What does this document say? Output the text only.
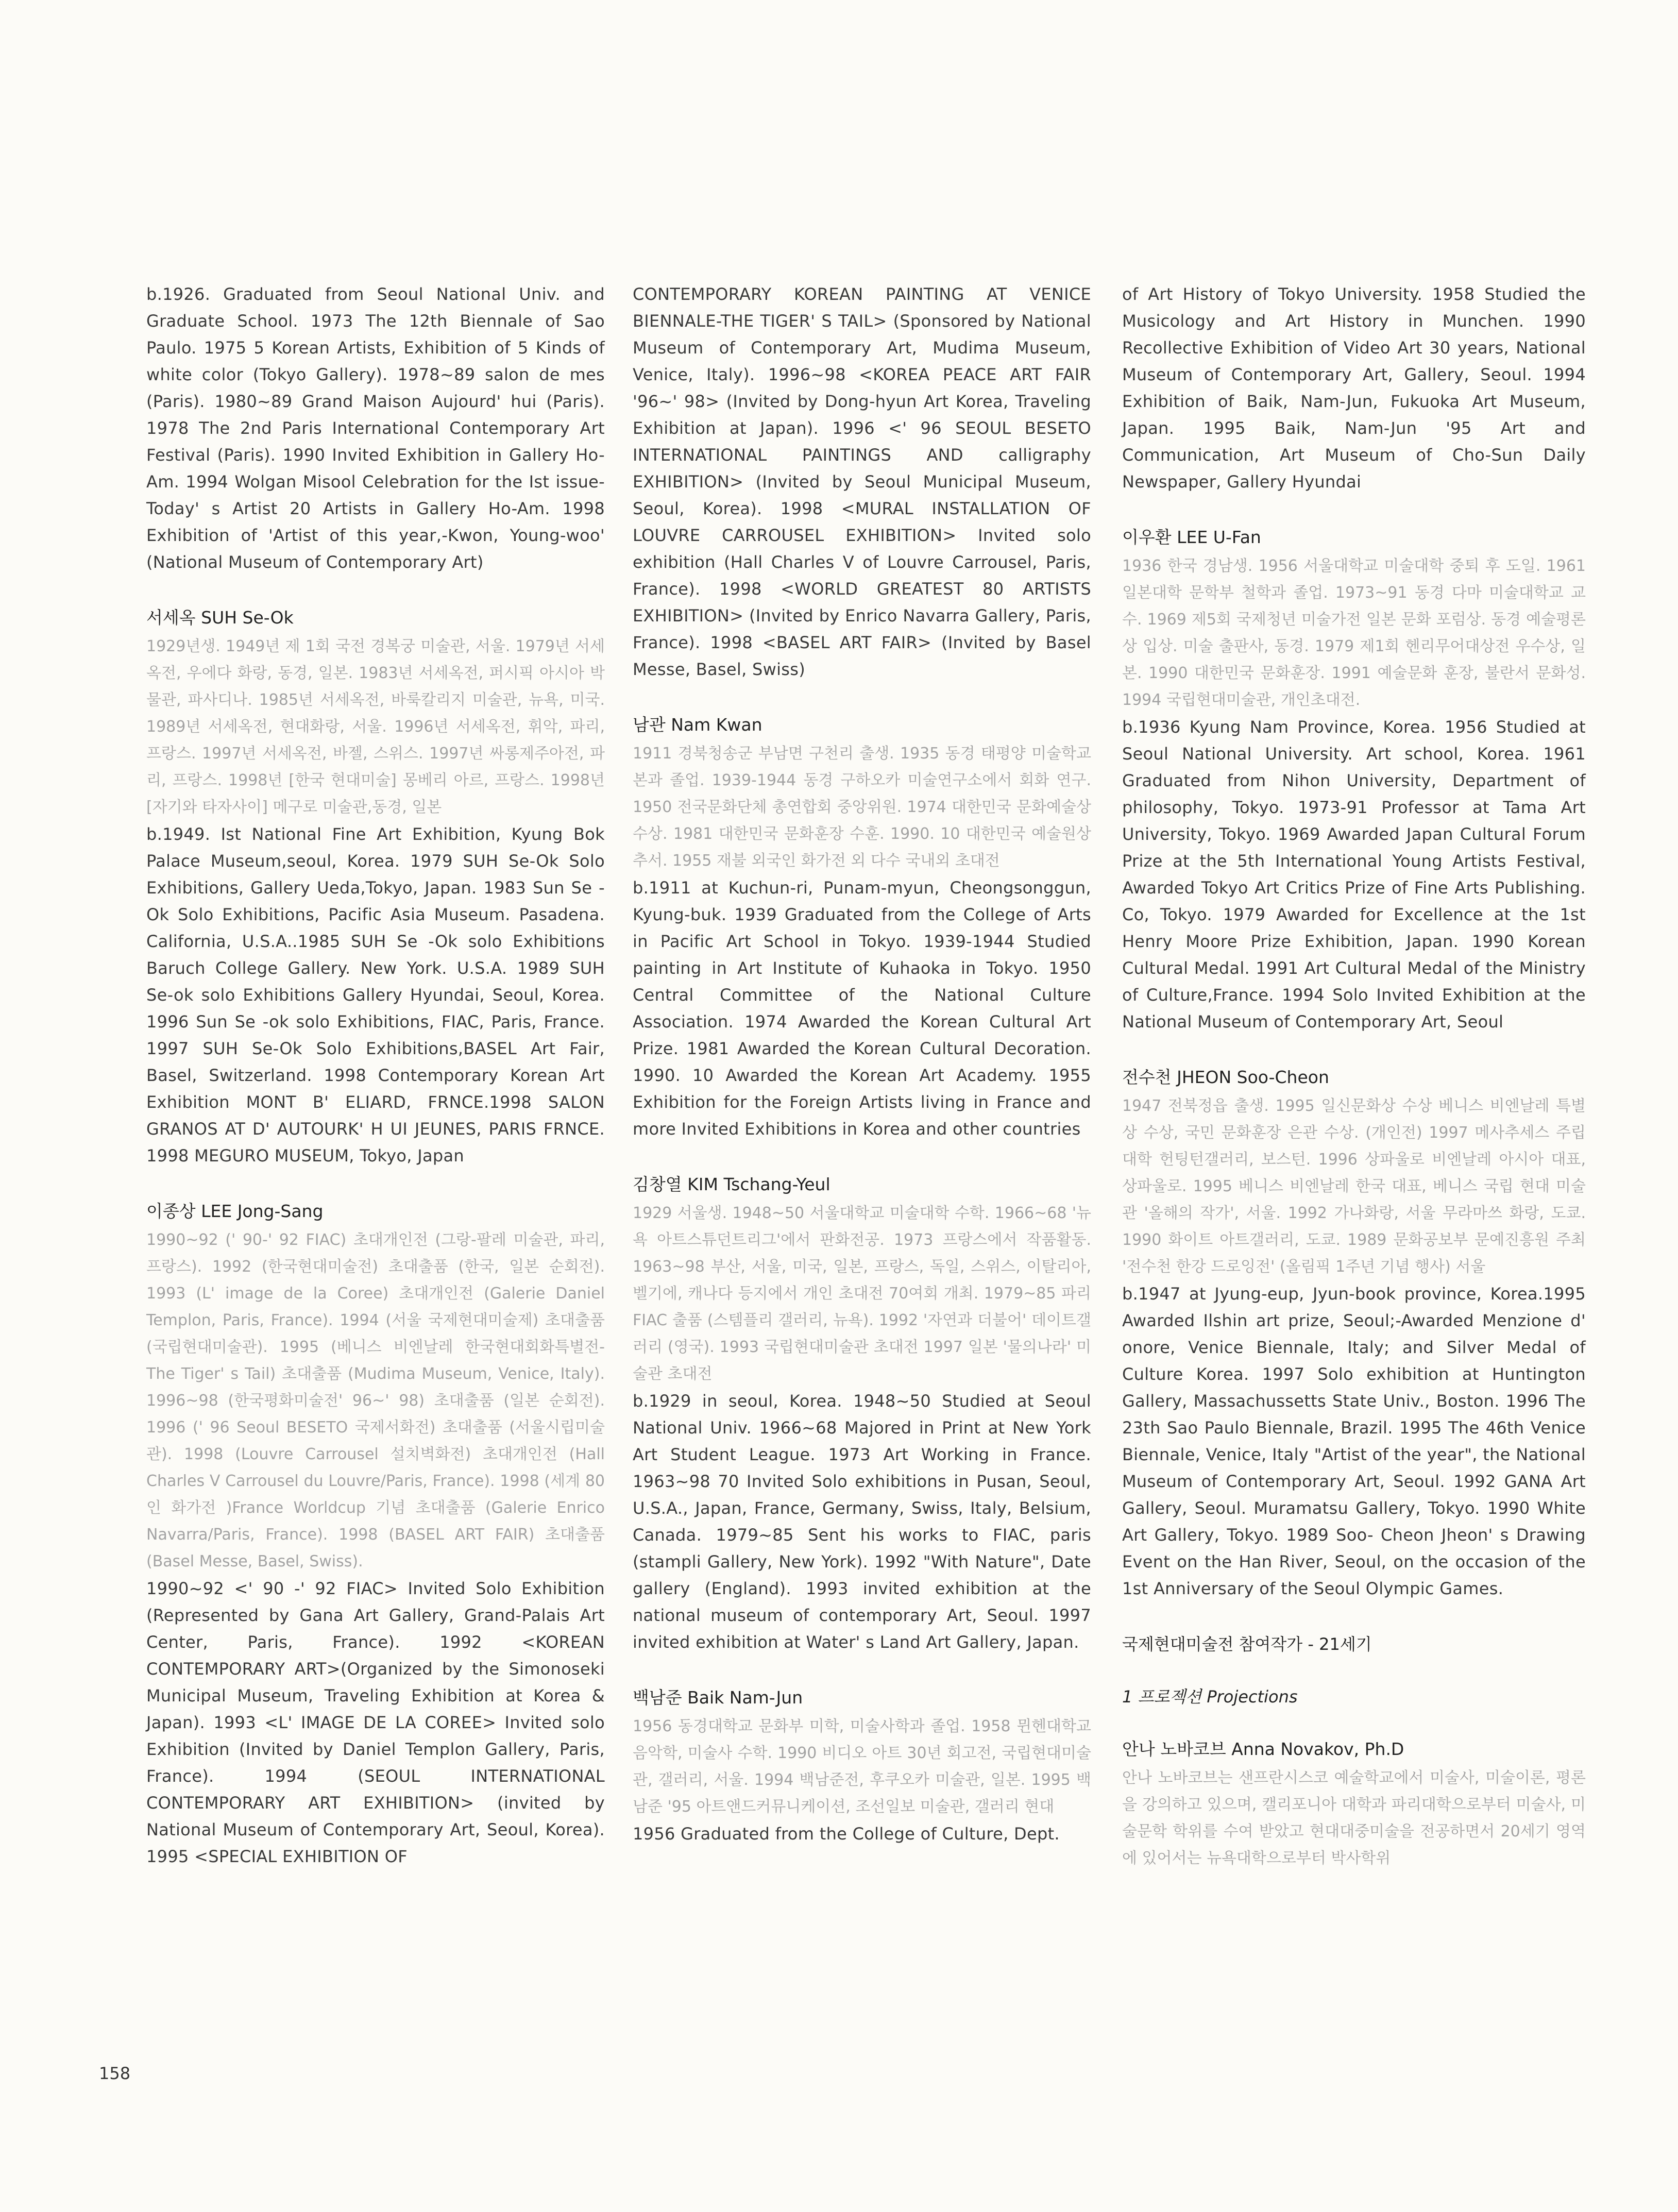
b.1926. Graduated from Seoul National Univ. and Graduate School. 1973 The 12th Biennale of Sao Paulo. 1975 5 Korean Artists, Exhibition of 5 Kinds of white color (Tokyo Gallery). 1978~89 salon de mes (Paris). 1980~89 Grand Maison Aujourd' hui (Paris). 1978 The 2nd Paris International Contemporary Art Festival (Paris). 1990 Invited Exhibition in Gallery Ho-Am. 1994 Wolgan Misool Celebration for the Ist issue-Today' s Artist 20 Artists in Gallery Ho-Am. 1998 Exhibition of 'Artist of this year,-Kwon, Young-woo' (National Museum of Contemporary Art)

서세옥 SUH Se-Ok

1929년생. 1949년 제 1회 국전 경복궁 미술관, 서울. 1979년 서세옥전, 우에다 화랑, 동경, 일본. 1983년 서세옥전, 퍼시픽 아시아 박물관, 파사디나. 1985년 서세옥전, 바룩칼리지 미술관, 뉴욕, 미국. 1989년 서세옥전, 현대화랑, 서울. 1996년 서세옥전, 휘악, 파리, 프랑스. 1997년 서세옥전, 바젤, 스위스. 1997년 싸롱제주아전, 파리, 프랑스. 1998년 [한국 현대미술] 몽베리 아르, 프랑스. 1998년 [자기와 타자사이] 메구로 미술관,동경, 일본

b.1949. Ist National Fine Art Exhibition, Kyung Bok Palace Museum,seoul, Korea. 1979 SUH Se-Ok Solo Exhibitions, Gallery Ueda,Tokyo, Japan. 1983 Sun Se -Ok Solo Exhibitions, Pacific Asia Museum. Pasadena. California, U.S.A..1985 SUH Se -Ok solo Exhibitions Baruch College Gallery. New York. U.S.A. 1989 SUH Se-ok solo Exhibitions Gallery Hyundai, Seoul, Korea. 1996 Sun Se -ok solo Exhibitions, FIAC, Paris, France. 1997 SUH Se-Ok Solo Exhibitions,BASEL Art Fair, Basel, Switzerland. 1998 Contemporary Korean Art Exhibition MONT B' ELIARD, FRNCE.1998 SALON GRANOS AT D' AUTOURK' H UI JEUNES, PARIS FRNCE. 1998 MEGURO MUSEUM, Tokyo, Japan

이종상 LEE Jong-Sang

1990~92 (' 90-' 92 FIAC) 초대개인전 (그랑-팔레 미술관, 파리, 프랑스). 1992 (한국현대미술전) 초대출품 (한국, 일본 순회전). 1993 (L' image de la Coree) 초대개인전 (Galerie Daniel Templon, Paris, France). 1994 (서울 국제현대미술제) 초대출품 (국립현대미술관). 1995 (베니스 비엔날레 한국현대회화특별전-The Tiger' s Tail) 초대출품 (Mudima Museum, Venice, Italy). 1996~98 (한국평화미술전' 96~' 98) 초대출품 (일본 순회전). 1996 (' 96 Seoul BESETO 국제서화전) 초대출품 (서울시립미술관). 1998 (Louvre Carrousel 설치벽화전) 초대개인전 (Hall Charles V Carrousel du Louvre/Paris, France). 1998 (세계 80인 화가전 )France Worldcup 기념 초대출품 (Galerie Enrico Navarra/Paris, France). 1998 (BASEL ART FAIR) 초대출품 (Basel Messe, Basel, Swiss).

1990~92 <' 90 -' 92 FIAC> Invited Solo Exhibition (Represented by Gana Art Gallery, Grand-Palais Art Center, Paris, France). 1992 <KOREAN CONTEMPORARY ART>(Organized by the Simonoseki Municipal Museum, Traveling Exhibition at Korea & Japan). 1993 <L' IMAGE DE LA COREE> Invited solo Exhibition (Invited by Daniel Templon Gallery, Paris, France). 1994 (SEOUL INTERNATIONAL CONTEMPORARY ART EXHIBITION> (invited by National Museum of Contemporary Art, Seoul, Korea). 1995 <SPECIAL EXHIBITION OF

CONTEMPORARY KOREAN PAINTING AT VENICE BIENNALE-THE TIGER' S TAIL> (Sponsored by National Museum of Contemporary Art, Mudima Museum, Venice, Italy). 1996~98 <KOREA PEACE ART FAIR '96~' 98> (Invited by Dong-hyun Art Korea, Traveling Exhibition at Japan). 1996 <' 96 SEOUL BESETO INTERNATIONAL PAINTINGS AND calligraphy EXHIBITION> (Invited by Seoul Municipal Museum, Seoul, Korea). 1998 <MURAL INSTALLATION OF LOUVRE CARROUSEL EXHIBITION> Invited solo exhibition (Hall Charles V of Louvre Carrousel, Paris, France). 1998 <WORLD GREATEST 80 ARTISTS EXHIBITION> (Invited by Enrico Navarra Gallery, Paris, France). 1998 <BASEL ART FAIR> (Invited by Basel Messe, Basel, Swiss)

남관 Nam Kwan

1911 경북청송군 부남면 구천리 출생. 1935 동경 태평양 미술학교 본과 졸업. 1939-1944 동경 구하오카 미술연구소에서 회화 연구. 1950 전국문화단체 총연합회 중앙위원. 1974 대한민국 문화예술상 수상. 1981 대한민국 문화훈장 수훈. 1990. 10 대한민국 예술원상 추서. 1955 재불 외국인 화가전 외 다수 국내외 초대전

b.1911 at Kuchun-ri, Punam-myun, Cheongsonggun, Kyung-buk. 1939 Graduated from the College of Arts in Pacific Art School in Tokyo. 1939-1944 Studied painting in Art Institute of Kuhaoka in Tokyo. 1950 Central Committee of the National Culture Association. 1974 Awarded the Korean Cultural Art Prize. 1981 Awarded the Korean Cultural Decoration. 1990. 10 Awarded the Korean Art Academy. 1955 Exhibition for the Foreign Artists living in France and more Invited Exhibitions in Korea and other countries

김창열 KIM Tschang-Yeul

1929 서울생. 1948~50 서울대학교 미술대학 수학. 1966~68 '뉴욕 아트스튜던트리그'에서 판화전공. 1973 프랑스에서 작품활동. 1963~98 부산, 서울, 미국, 일본, 프랑스, 독일, 스위스, 이탈리아, 벨기에, 캐나다 등지에서 개인 초대전 70여회 개최. 1979~85 파리 FIAC 출품 (스템플리 갤러리, 뉴욕). 1992 '자연과 더불어' 데이트갤러리 (영국). 1993 국립현대미술관 초대전 1997 일본 '물의나라' 미술관 초대전

b.1929 in seoul, Korea. 1948~50 Studied at Seoul National Univ. 1966~68 Majored in Print at New York Art Student League. 1973 Art Working in France. 1963~98 70 Invited Solo exhibitions in Pusan, Seoul, U.S.A., Japan, France, Germany, Swiss, Italy, Belsium, Canada. 1979~85 Sent his works to FIAC, paris (stampli Gallery, New York). 1992 "With Nature", Date gallery (England). 1993 invited exhibition at the national museum of contemporary Art, Seoul. 1997 invited exhibition at Water' s Land Art Gallery, Japan.

백남준 Baik Nam-Jun

1956 동경대학교 문화부 미학, 미술사학과 졸업. 1958 뮌헨대학교 음악학, 미술사 수학. 1990 비디오 아트 30년 회고전, 국립현대미술관, 갤러리, 서울. 1994 백남준전, 후쿠오카 미술관, 일본. 1995 백남준 '95 아트앤드커뮤니케이션, 조선일보 미술관, 갤러리 현대

1956 Graduated from the College of Culture, Dept.

of Art History of Tokyo University. 1958 Studied the Musicology and Art History in Munchen. 1990 Recollective Exhibition of Video Art 30 years, National Museum of Contemporary Art, Gallery, Seoul. 1994 Exhibition of Baik, Nam-Jun, Fukuoka Art Museum, Japan. 1995 Baik, Nam-Jun '95 Art and Communication, Art Museum of Cho-Sun Daily Newspaper, Gallery Hyundai

이우환 LEE U-Fan

1936 한국 경남생. 1956 서울대학교 미술대학 중퇴 후 도일. 1961 일본대학 문학부 철학과 졸업. 1973~91 동경 다마 미술대학교 교수. 1969 제5회 국제청년 미술가전 일본 문화 포럼상. 동경 예술평론상 입상. 미술 출판사, 동경. 1979 제1회 헨리무어대상전 우수상, 일본. 1990 대한민국 문화훈장. 1991 예술문화 훈장, 불란서 문화성. 1994 국립현대미술관, 개인초대전.

b.1936 Kyung Nam Province, Korea. 1956 Studied at Seoul National University. Art school, Korea. 1961 Graduated from Nihon University, Department of philosophy, Tokyo. 1973-91 Professor at Tama Art University, Tokyo. 1969 Awarded Japan Cultural Forum Prize at the 5th International Young Artists Festival, Awarded Tokyo Art Critics Prize of Fine Arts Publishing. Co, Tokyo. 1979 Awarded for Excellence at the 1st Henry Moore Prize Exhibition, Japan. 1990 Korean Cultural Medal. 1991 Art Cultural Medal of the Ministry of Culture,France. 1994 Solo Invited Exhibition at the National Museum of Contemporary Art, Seoul

전수천 JHEON Soo-Cheon

1947 전북정읍 출생. 1995 일신문화상 수상 베니스 비엔날레 특별상 수상, 국민 문화훈장 은관 수상. (개인전) 1997 메사추세스 주립대학 헌팅턴갤러리, 보스턴. 1996 상파울로 비엔날레 아시아 대표, 상파울로. 1995 베니스 비엔날레 한국 대표, 베니스 국립 현대 미술관 '올해의 작가', 서울. 1992 가나화랑, 서울 무라마쓰 화랑, 도쿄. 1990 화이트 아트갤러리, 도쿄. 1989 문화공보부 문예진흥원 주최 '전수천 한강 드로잉전' (올림픽 1주년 기념 행사) 서울

b.1947 at Jyung-eup, Jyun-book province, Korea.1995 Awarded Ilshin art prize, Seoul;-Awarded Menzione d' onore, Venice Biennale, Italy; and Silver Medal of Culture Korea. 1997 Solo exhibition at Huntington Gallery, Massachussetts State Univ., Boston. 1996 The 23th Sao Paulo Biennale, Brazil. 1995 The 46th Venice Biennale, Venice, Italy "Artist of the year", the National Museum of Contemporary Art, Seoul. 1992 GANA Art Gallery, Seoul. Muramatsu Gallery, Tokyo. 1990 White Art Gallery, Tokyo. 1989 Soo- Cheon Jheon' s Drawing Event on the Han River, Seoul, on the occasion of the 1st Anniversary of the Seoul Olympic Games.

국제현대미술전 참여작가 - 21세기
1 프로젝션 Projections
안나 노바코브 Anna Novakov, Ph.D

안나 노바코브는 샌프란시스코 예술학교에서 미술사, 미술이론, 평론을 강의하고 있으며, 캘리포니아 대학과 파리대학으로부터 미술사, 미술문학 학위를 수여 받았고 현대대중미술을 전공하면서 20세기 영역에 있어서는 뉴욕대학으로부터 박사학위

158
